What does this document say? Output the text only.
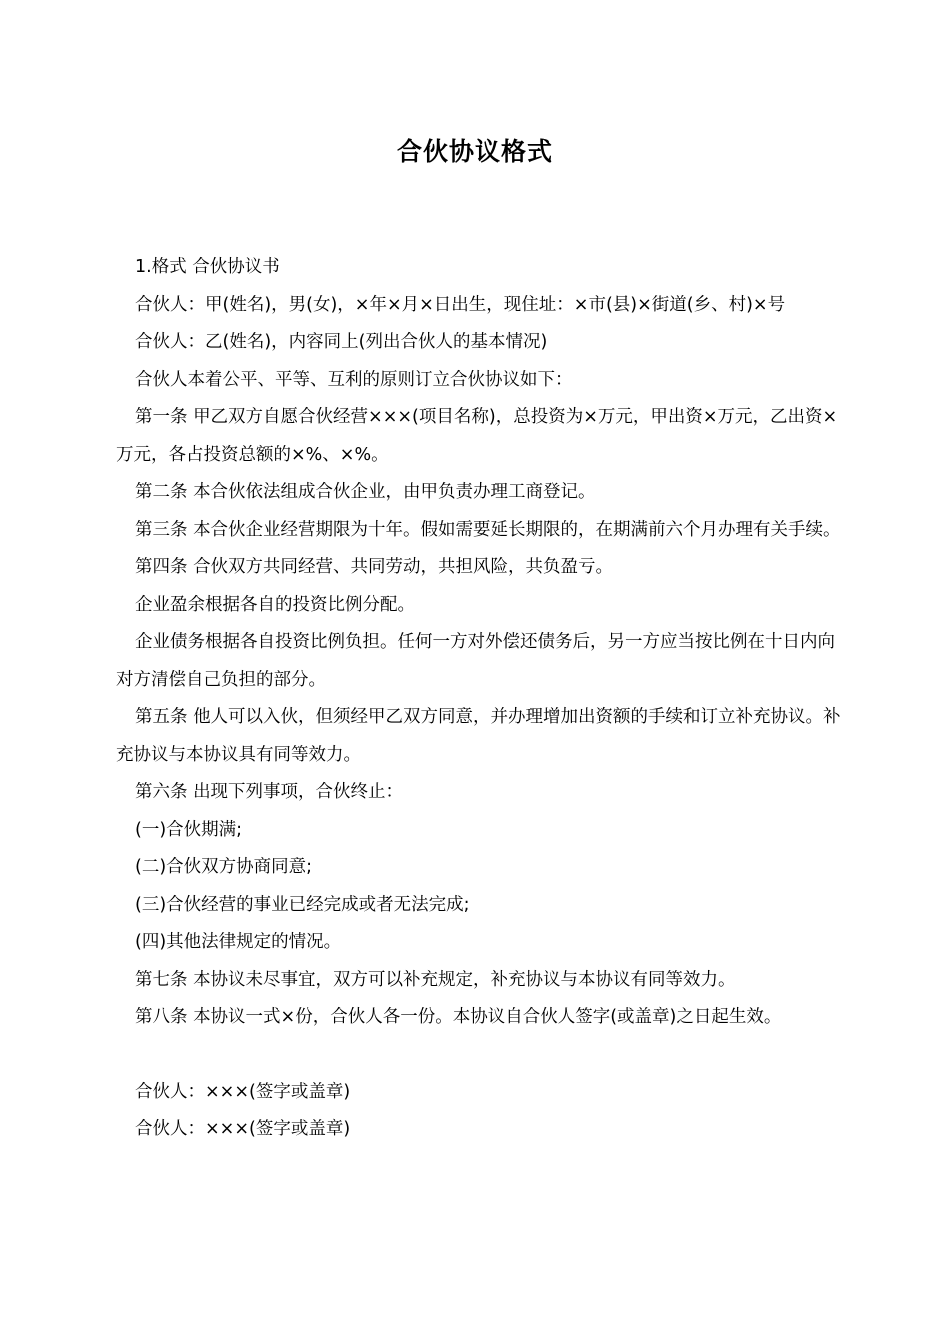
合伙协议格式

1.格式 合伙协议书

合伙人：甲(姓名)，男(女)，×年×月×日出生，现住址：×市(县)×街道(乡、村)×号

合伙人：乙(姓名)，内容同上(列出合伙人的基本情况)

合伙人本着公平、平等、互利的原则订立合伙协议如下：

第一条 甲乙双方自愿合伙经营×××(项目名称)，总投资为×万元，甲出资×万元，乙出资×万元，各占投资总额的×%、×%。

第二条 本合伙依法组成合伙企业，由甲负责办理工商登记。

第三条 本合伙企业经营期限为十年。假如需要延长期限的，在期满前六个月办理有关手续。

第四条 合伙双方共同经营、共同劳动，共担风险，共负盈亏。

企业盈余根据各自的投资比例分配。

企业债务根据各自投资比例负担。任何一方对外偿还债务后，另一方应当按比例在十日内向对方清偿自己负担的部分。

第五条 他人可以入伙，但须经甲乙双方同意，并办理增加出资额的手续和订立补充协议。补充协议与本协议具有同等效力。

第六条 出现下列事项，合伙终止：

(一)合伙期满;

(二)合伙双方协商同意;

(三)合伙经营的事业已经完成或者无法完成;

(四)其他法律规定的情况。

第七条 本协议未尽事宜，双方可以补充规定，补充协议与本协议有同等效力。

第八条 本协议一式×份，合伙人各一份。本协议自合伙人签字(或盖章)之日起生效。

合伙人：×××(签字或盖章)

合伙人：×××(签字或盖章)
